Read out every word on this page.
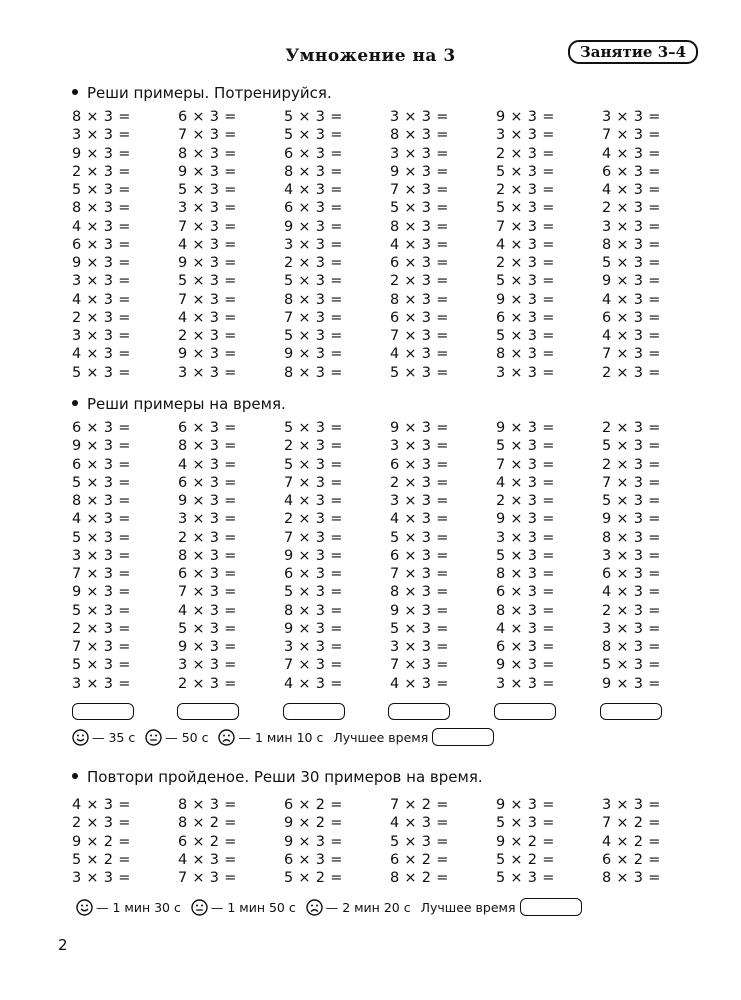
Умножение на 3	Занятие 3–4
Реши примеры. Потренируйся.
8 × 3 =	6 × 3 =	5 × 3 =	3 × 3 =	9 × 3 =	3 × 3 =
3 × 3 =	7 × 3 =	5 × 3 =	8 × 3 =	3 × 3 =	7 × 3 =
9 × 3 =	8 × 3 =	6 × 3 =	3 × 3 =	2 × 3 =	4 × 3 =
2 × 3 =	9 × 3 =	8 × 3 =	9 × 3 =	5 × 3 =	6 × 3 =
5 × 3 =	5 × 3 =	4 × 3 =	7 × 3 =	2 × 3 =	4 × 3 =
8 × 3 =	3 × 3 =	6 × 3 =	5 × 3 =	5 × 3 =	2 × 3 =
4 × 3 =	7 × 3 =	9 × 3 =	8 × 3 =	7 × 3 =	3 × 3 =
6 × 3 =	4 × 3 =	3 × 3 =	4 × 3 =	4 × 3 =	8 × 3 =
9 × 3 =	9 × 3 =	2 × 3 =	6 × 3 =	2 × 3 =	5 × 3 =
3 × 3 =	5 × 3 =	5 × 3 =	2 × 3 =	5 × 3 =	9 × 3 =
4 × 3 =	7 × 3 =	8 × 3 =	8 × 3 =	9 × 3 =	4 × 3 =
2 × 3 =	4 × 3 =	7 × 3 =	6 × 3 =	6 × 3 =	6 × 3 =
3 × 3 =	2 × 3 =	5 × 3 =	7 × 3 =	5 × 3 =	4 × 3 =
4 × 3 =	9 × 3 =	9 × 3 =	4 × 3 =	8 × 3 =	7 × 3 =
5 × 3 =	3 × 3 =	8 × 3 =	5 × 3 =	3 × 3 =	2 × 3 =
Реши примеры на время.
6 × 3 =	6 × 3 =	5 × 3 =	9 × 3 =	9 × 3 =	2 × 3 =
9 × 3 =	8 × 3 =	2 × 3 =	3 × 3 =	5 × 3 =	5 × 3 =
6 × 3 =	4 × 3 =	5 × 3 =	6 × 3 =	7 × 3 =	2 × 3 =
5 × 3 =	6 × 3 =	7 × 3 =	2 × 3 =	4 × 3 =	7 × 3 =
8 × 3 =	9 × 3 =	4 × 3 =	3 × 3 =	2 × 3 =	5 × 3 =
4 × 3 =	3 × 3 =	2 × 3 =	4 × 3 =	9 × 3 =	9 × 3 =
5 × 3 =	2 × 3 =	7 × 3 =	5 × 3 =	3 × 3 =	8 × 3 =
3 × 3 =	8 × 3 =	9 × 3 =	6 × 3 =	5 × 3 =	3 × 3 =
7 × 3 =	6 × 3 =	6 × 3 =	7 × 3 =	8 × 3 =	6 × 3 =
9 × 3 =	7 × 3 =	5 × 3 =	8 × 3 =	6 × 3 =	4 × 3 =
5 × 3 =	4 × 3 =	8 × 3 =	9 × 3 =	8 × 3 =	2 × 3 =
2 × 3 =	5 × 3 =	9 × 3 =	5 × 3 =	4 × 3 =	3 × 3 =
7 × 3 =	9 × 3 =	3 × 3 =	3 × 3 =	6 × 3 =	8 × 3 =
5 × 3 =	3 × 3 =	7 × 3 =	7 × 3 =	9 × 3 =	5 × 3 =
3 × 3 =	2 × 3 =	4 × 3 =	4 × 3 =	3 × 3 =	9 × 3 =
— 35 с — 50 с — 1 мин 10 с Лучшее время
Повтори пройденое. Реши 30 примеров на время.
4 × 3 =	8 × 3 =	6 × 2 =	7 × 2 =	9 × 3 =	3 × 3 =
2 × 3 =	8 × 2 =	9 × 2 =	4 × 3 =	5 × 3 =	7 × 2 =
9 × 2 =	6 × 2 =	9 × 3 =	5 × 3 =	9 × 2 =	4 × 2 =
5 × 2 =	4 × 3 =	6 × 3 =	6 × 2 =	5 × 2 =	6 × 2 =
3 × 3 =	7 × 3 =	5 × 2 =	8 × 2 =	5 × 3 =	8 × 3 =
— 1 мин 30 с — 1 мин 50 с — 2 мин 20 с Лучшее время
2
